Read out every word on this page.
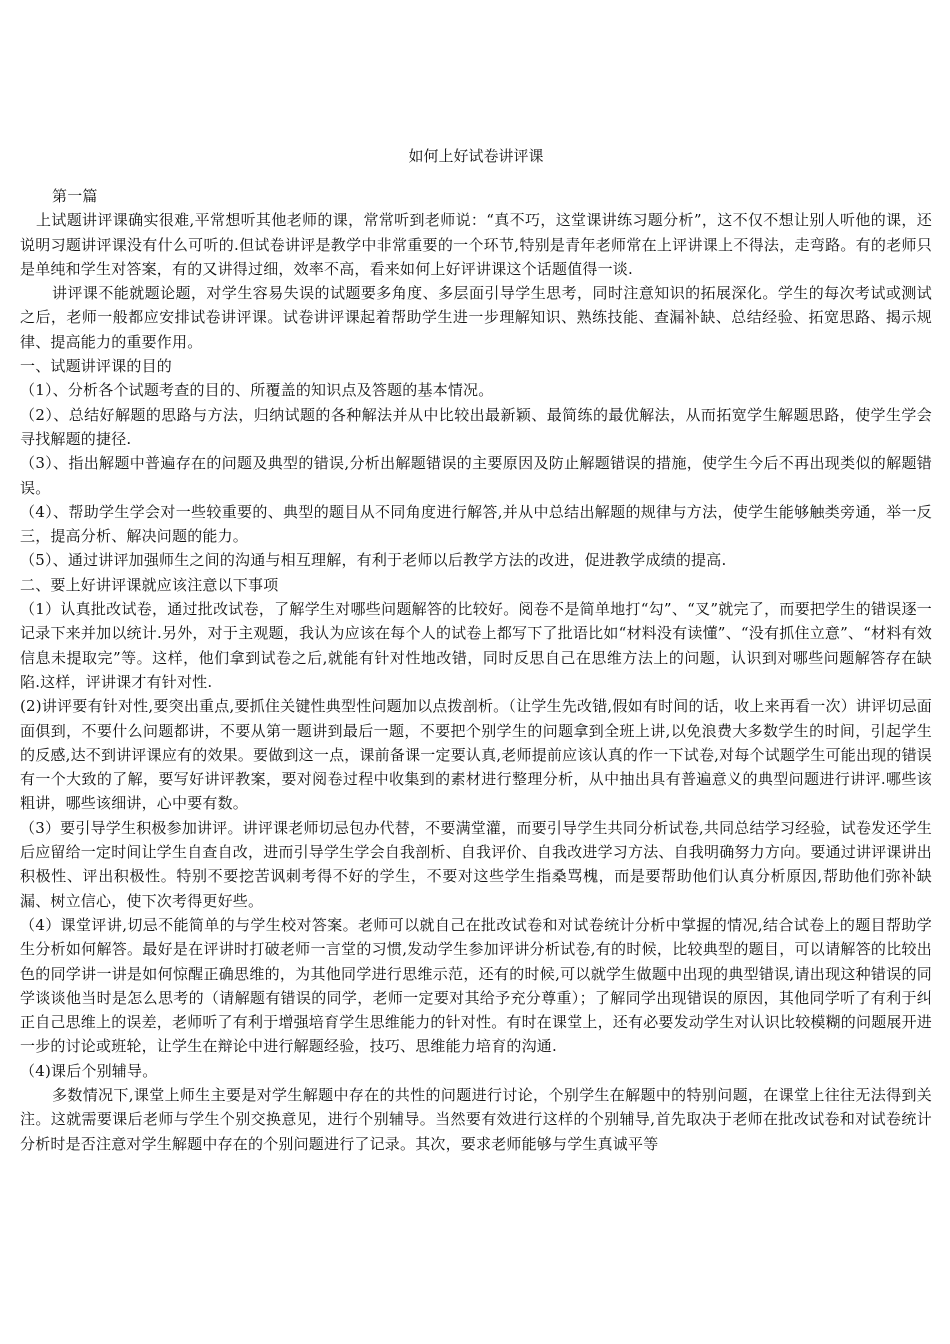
如何上好试卷讲评课

第一篇

上试题讲评课确实很难,平常想听其他老师的课，常常听到老师说：“真不巧，这堂课讲练习题分析”，这不仅不想让别人听他的课，还说明习题讲评课没有什么可听的.但试卷讲评是教学中非常重要的一个环节,特别是青年老师常在上评讲课上不得法，走弯路。有的老师只是单纯和学生对答案，有的又讲得过细，效率不高，看来如何上好评讲课这个话题值得一谈.

讲评课不能就题论题，对学生容易失误的试题要多角度、多层面引导学生思考，同时注意知识的拓展深化。学生的每次考试或测试之后，老师一般都应安排试卷讲评课。试卷讲评课起着帮助学生进一步理解知识、熟练技能、查漏补缺、总结经验、拓宽思路、揭示规律、提高能力的重要作用。

一、试题讲评课的目的

（1）、分析各个试题考查的目的、所覆盖的知识点及答题的基本情况。

（2）、总结好解题的思路与方法，归纳试题的各种解法并从中比较出最新颖、最简练的最优解法，从而拓宽学生解题思路，使学生学会寻找解题的捷径.

（3）、指出解题中普遍存在的问题及典型的错误,分析出解题错误的主要原因及防止解题错误的措施，使学生今后不再出现类似的解题错误。

（4）、帮助学生学会对一些较重要的、典型的题目从不同角度进行解答,并从中总结出解题的规律与方法，使学生能够触类旁通，举一反三，提高分析、解决问题的能力。

（5）、通过讲评加强师生之间的沟通与相互理解，有利于老师以后教学方法的改进，促进教学成绩的提高.

二、要上好讲评课就应该注意以下事项

（1）认真批改试卷，通过批改试卷，了解学生对哪些问题解答的比较好。阅卷不是简单地打“勾”、“叉”就完了，而要把学生的错误逐一记录下来并加以统计.另外，对于主观题，我认为应该在每个人的试卷上都写下了批语比如“材料没有读懂”、“没有抓住立意”、“材料有效信息未提取完”等。这样，他们拿到试卷之后,就能有针对性地改错，同时反思自己在思维方法上的问题，认识到对哪些问题解答存在缺陷.这样，评讲课才有针对性.

(2)讲评要有针对性,要突出重点,要抓住关键性典型性问题加以点拨剖析。（让学生先改错,假如有时间的话，收上来再看一次）讲评切忌面面俱到，不要什么问题都讲，不要从第一题讲到最后一题，不要把个别学生的问题拿到全班上讲,以免浪费大多数学生的时间，引起学生的反感,达不到讲评课应有的效果。要做到这一点，课前备课一定要认真,老师提前应该认真的作一下试卷,对每个试题学生可能出现的错误有一个大致的了解，要写好讲评教案，要对阅卷过程中收集到的素材进行整理分析，从中抽出具有普遍意义的典型问题进行讲评.哪些该粗讲，哪些该细讲，心中要有数。

（3）要引导学生积极参加讲评。讲评课老师切忌包办代替，不要满堂灌，而要引导学生共同分析试卷,共同总结学习经验，试卷发还学生后应留给一定时间让学生自查自改，进而引导学生学会自我剖析、自我评价、自我改进学习方法、自我明确努力方向。要通过讲评课讲出积极性、评出积极性。特别不要挖苦讽刺考得不好的学生，不要对这些学生指桑骂槐，而是要帮助他们认真分析原因,帮助他们弥补缺漏、树立信心，使下次考得更好些。

（4）课堂评讲,切忌不能简单的与学生校对答案。老师可以就自己在批改试卷和对试卷统计分析中掌握的情况,结合试卷上的题目帮助学生分析如何解答。最好是在评讲时打破老师一言堂的习惯,发动学生参加评讲分析试卷,有的时候，比较典型的题目，可以请解答的比较出色的同学讲一讲是如何惊醒正确思维的，为其他同学进行思维示范，还有的时候,可以就学生做题中出现的典型错误,请出现这种错误的同学谈谈他当时是怎么思考的（请解题有错误的同学，老师一定要对其给予充分尊重）；了解同学出现错误的原因，其他同学听了有利于纠正自己思维上的误差，老师听了有利于增强培育学生思维能力的针对性。有时在课堂上，还有必要发动学生对认识比较模糊的问题展开进一步的讨论或班轮，让学生在辩论中进行解题经验，技巧、思维能力培育的沟通.

（4)课后个别辅导。

多数情况下,课堂上师生主要是对学生解题中存在的共性的问题进行讨论，个别学生在解题中的特别问题，在课堂上往往无法得到关注。这就需要课后老师与学生个别交换意见，进行个别辅导。当然要有效进行这样的个别辅导,首先取决于老师在批改试卷和对试卷统计分析时是否注意对学生解题中存在的个别问题进行了记录。其次，要求老师能够与学生真诚平等
